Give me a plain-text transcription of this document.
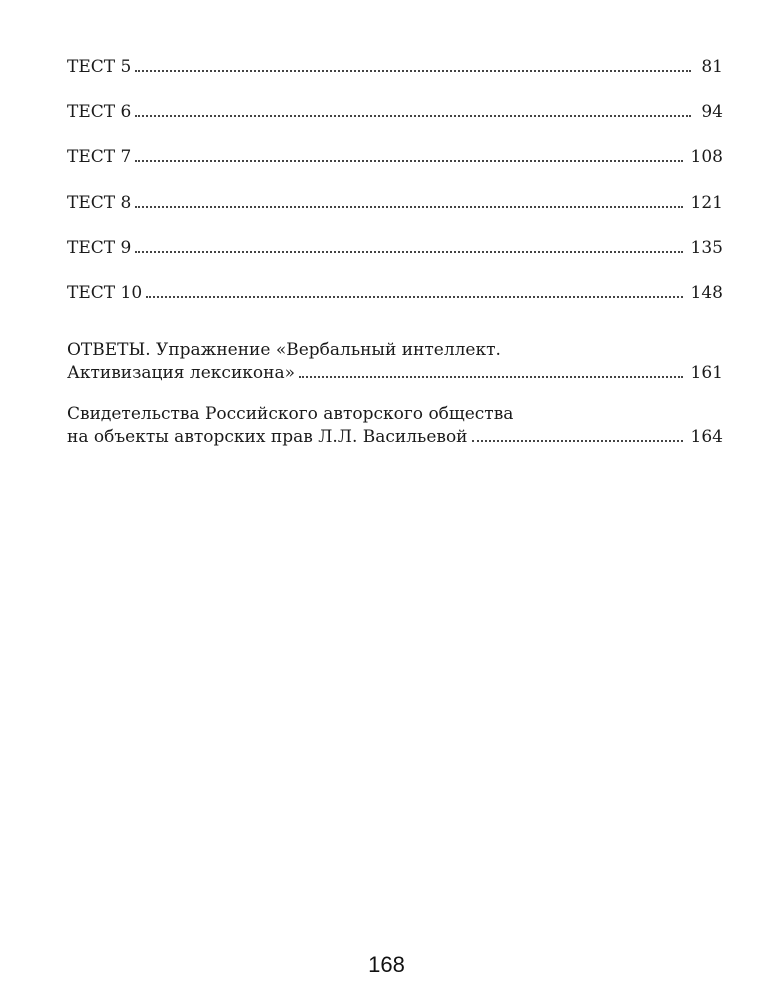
ТЕСТ 5	81
ТЕСТ 6	94
ТЕСТ 7	108
ТЕСТ 8	121
ТЕСТ 9	135
ТЕСТ 10	148
ОТВЕТЫ. Упражнение «Вербальный интеллект.
Активизация лексикона»	161
Свидетельства Российского авторского общества
на объекты авторских прав Л.Л. Васильевой	164
168
